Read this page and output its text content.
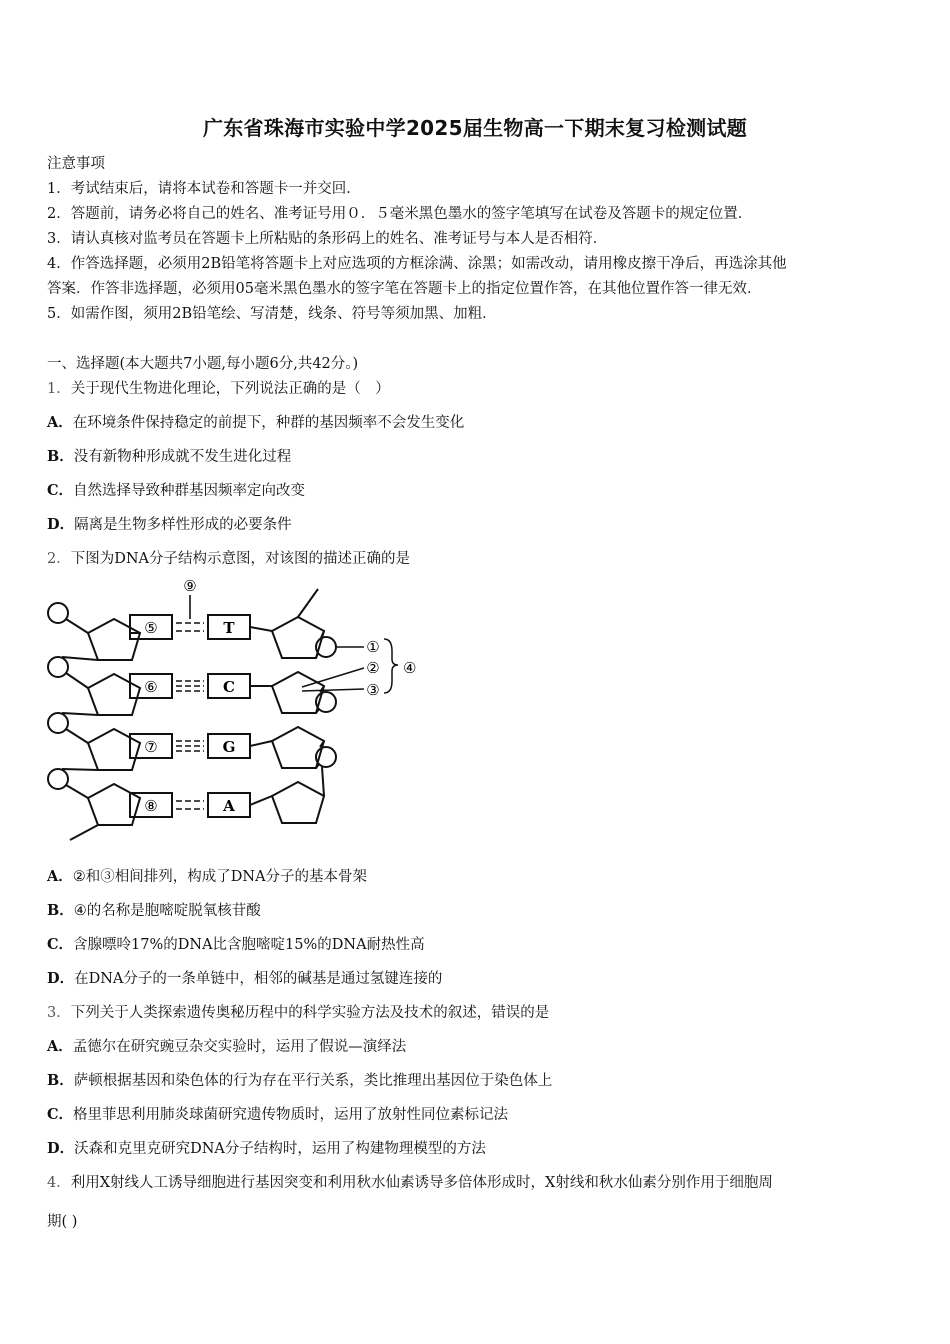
广东省珠海市实验中学2025届生物高一下期末复习检测试题
注意事项
1．考试结束后，请将本试卷和答题卡一并交回．
2．答题前，请务必将自己的姓名、准考证号用０．５毫米黑色墨水的签字笔填写在试卷及答题卡的规定位置．
3．请认真核对监考员在答题卡上所粘贴的条形码上的姓名、准考证号与本人是否相符．
4．作答选择题，必须用2B铅笔将答题卡上对应选项的方框涂满、涂黑；如需改动，请用橡皮擦干净后，再选涂其他
答案．作答非选择题，必须用05毫米黑色墨水的签字笔在答题卡上的指定位置作答，在其他位置作答一律无效．
5．如需作图，须用2B铅笔绘、写清楚，线条、符号等须加黑、加粗．
一、选择题(本大题共7小题,每小题6分,共42分。)
1．关于现代生物进化理论，下列说法正确的是（　）
A．在环境条件保持稳定的前提下，种群的基因频率不会发生变化
B．没有新物种形成就不发生进化过程
C．自然选择导致种群基因频率定向改变
D．隔离是生物多样性形成的必要条件
2．下图为DNA分子结构示意图，对该图的描述正确的是
⑤
⑥
⑦
⑧
T
C
G
A
⑨
①
②
③
④
A．②和③相间排列，构成了DNA分子的基本骨架
B．④的名称是胞嘧啶脱氧核苷酸
C．含腺嘌呤17%的DNA比含胞嘧啶15%的DNA耐热性高
D．在DNA分子的一条单链中，相邻的碱基是通过氢键连接的
3．下列关于人类探索遗传奥秘历程中的科学实验方法及技术的叙述，错误的是
A．孟德尔在研究豌豆杂交实验时，运用了假说—演绎法
B．萨顿根据基因和染色体的行为存在平行关系，类比推理出基因位于染色体上
C．格里菲思利用肺炎球菌研究遗传物质时，运用了放射性同位素标记法
D．沃森和克里克研究DNA分子结构时，运用了构建物理模型的方法
4．利用X射线人工诱导细胞进行基因突变和利用秋水仙素诱导多倍体形成时，X射线和秋水仙素分别作用于细胞周
期( )
